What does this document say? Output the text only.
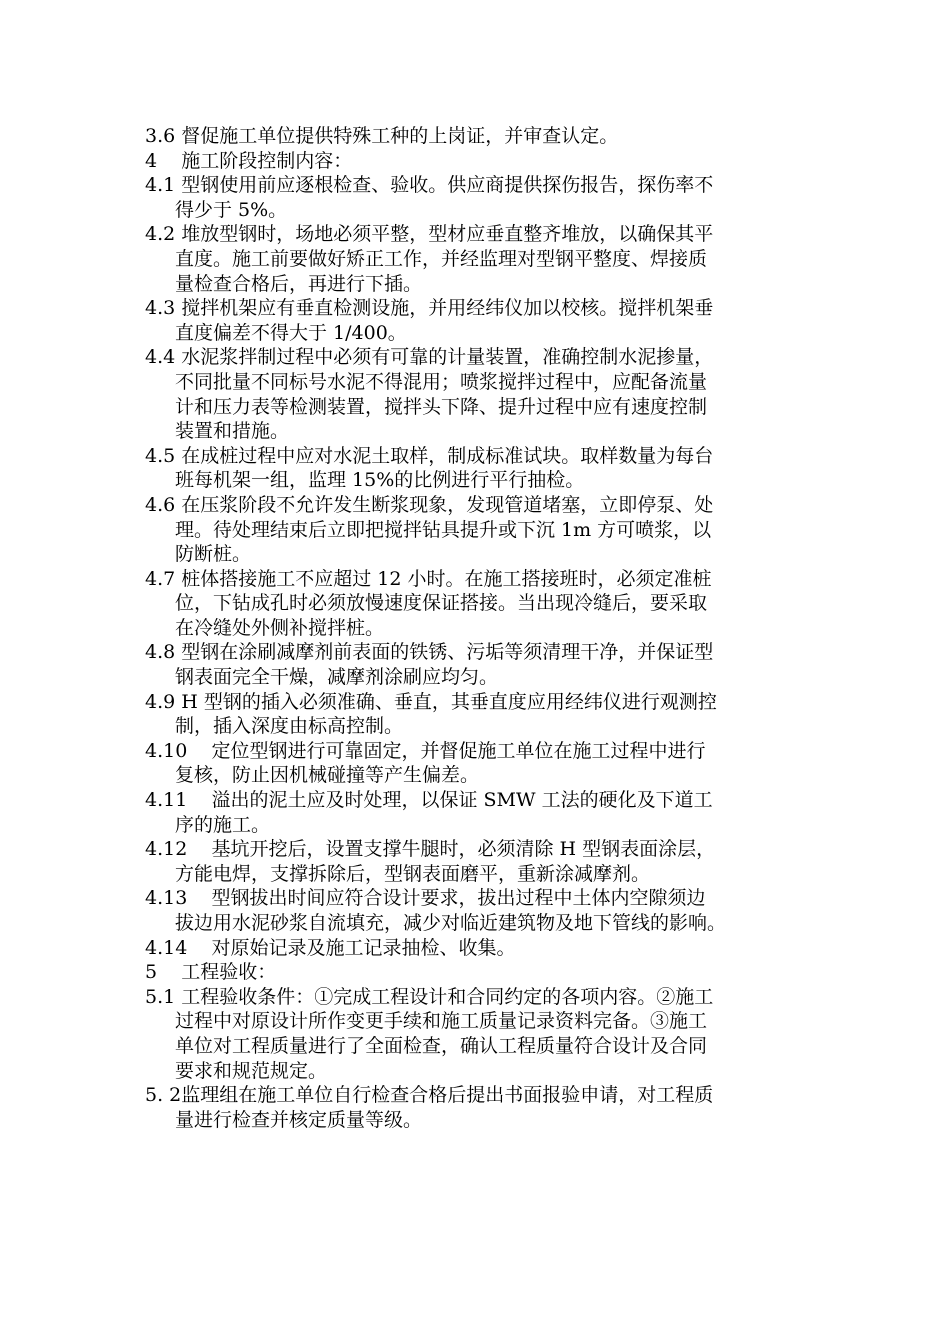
3.6 督促施工单位提供特殊工种的上岗证，并审查认定。
4 施工阶段控制内容：
4.1 型钢使用前应逐根检查、验收。供应商提供探伤报告，探伤率不
得少于 5%。
4.2 堆放型钢时，场地必须平整，型材应垂直整齐堆放，以确保其平
直度。施工前要做好矫正工作，并经监理对型钢平整度、焊接质
量检查合格后，再进行下插。
4.3 搅拌机架应有垂直检测设施，并用经纬仪加以校核。搅拌机架垂
直度偏差不得大于 1/400。
4.4 水泥浆拌制过程中必须有可靠的计量装置，准确控制水泥掺量，
不同批量不同标号水泥不得混用；喷浆搅拌过程中，应配备流量
计和压力表等检测装置，搅拌头下降、提升过程中应有速度控制
装置和措施。
4.5 在成桩过程中应对水泥土取样，制成标准试块。取样数量为每台
班每机架一组，监理 15%的比例进行平行抽检。
4.6 在压浆阶段不允许发生断浆现象，发现管道堵塞，立即停泵、处
理。待处理结束后立即把搅拌钻具提升或下沉 1m 方可喷浆，以
防断桩。
4.7 桩体搭接施工不应超过 12 小时。在施工搭接班时，必须定准桩
位，下钻成孔时必须放慢速度保证搭接。当出现冷缝后，要采取
在冷缝处外侧补搅拌桩。
4.8 型钢在涂刷减摩剂前表面的铁锈、污垢等须清理干净，并保证型
钢表面完全干燥，减摩剂涂刷应均匀。
4.9 H 型钢的插入必须准确、垂直，其垂直度应用经纬仪进行观测控
制，插入深度由标高控制。
4.10 定位型钢进行可靠固定，并督促施工单位在施工过程中进行
复核，防止因机械碰撞等产生偏差。
4.11 溢出的泥土应及时处理，以保证 SMW 工法的硬化及下道工
序的施工。
4.12 基坑开挖后，设置支撑牛腿时，必须清除 H 型钢表面涂层，
方能电焊，支撑拆除后，型钢表面磨平，重新涂减摩剂。
4.13 型钢拔出时间应符合设计要求，拔出过程中土体内空隙须边
拔边用水泥砂浆自流填充，减少对临近建筑物及地下管线的影响。
4.14 对原始记录及施工记录抽检、收集。
5 工程验收：
5.1 工程验收条件：①完成工程设计和合同约定的各项内容。②施工
过程中对原设计所作变更手续和施工质量记录资料完备。③施工
单位对工程质量进行了全面检查，确认工程质量符合设计及合同
要求和规范规定。
5. 2监理组在施工单位自行检查合格后提出书面报验申请，对工程质
量进行检查并核定质量等级。
